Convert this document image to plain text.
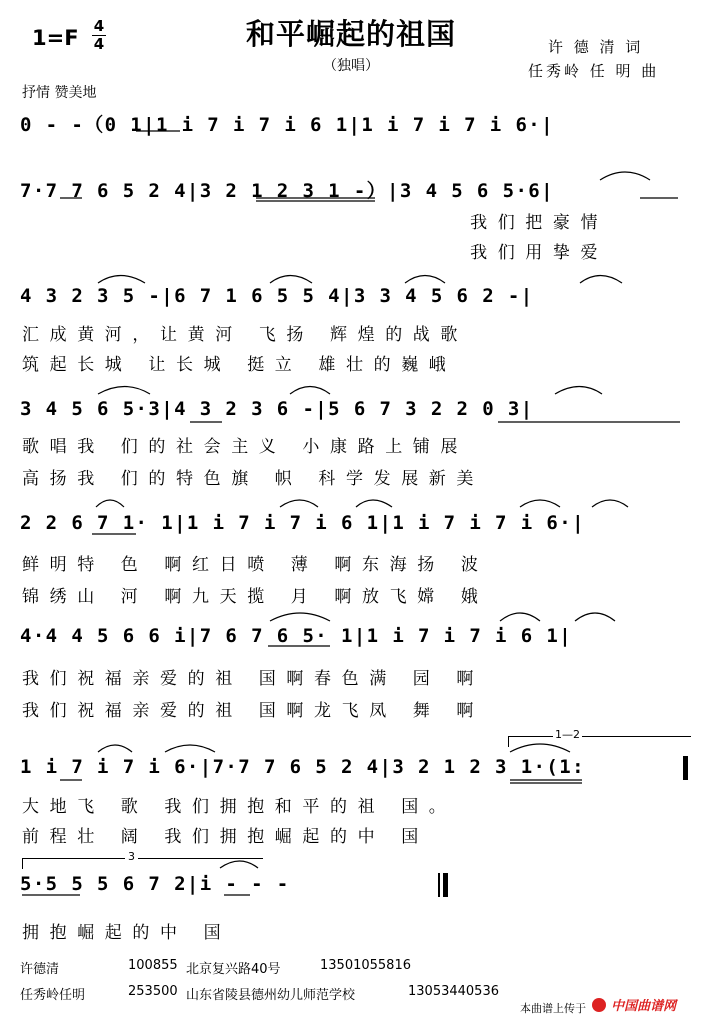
1=F 4
4	和平崛起的祖国
（独唱）
许 德 清 词
任秀岭 任 明 曲
抒情 赞美地
1—2
3
0 - -（0 1|1 i 7 i 7 i 6 1|1 i 7 i 7 i 6·|
7·7 7 6 5 2 4|3 2 1 2 3 1 -）|3 4 5 6 5·6|
我们把豪情
我们用挚爱
4 3 2 3 5 -|6 7 1 6 5 5 4|3 3 4 5 6 2 -|
汇成黄河，让黄河 飞扬 辉煌的战歌
筑起长城 让长城 挺立 雄壮的巍峨
3 4 5 6 5·3|4 3 2 3 6 -|5 6 7 3 2 2 0 3|
歌唱我 们的社会主义 小康路上铺展
高扬我 们的特色旗 帜 科学发展新美
2 2 6 7 1· 1|1 i 7 i 7 i 6 1|1 i 7 i 7 i 6·|
鲜明特 色 啊红日喷 薄 啊东海扬 波
锦绣山 河 啊九天揽 月 啊放飞嫦 娥
4·4 4 5 6 6 i|7 6 7 6 5· 1|1 i 7 i 7 i 6 1|
我们祝福亲爱的祖 国啊春色满 园 啊
我们祝福亲爱的祖 国啊龙飞凤 舞 啊
1 i 7 i 7 i 6·|7·7 7 6 5 2 4|3 2 1 2 3 1·(1:
大地飞 歌 我们拥抱和平的祖 国。
前程壮 阔 我们拥抱崛起的中 国
5·5 5 5 6 7 2|i - - -
拥抱崛起的中 国
许德清	100855 北京复兴路40号	13501055816
任秀岭任明	253500 山东省陵县德州幼儿师范学校	13053440536
本曲谱上传于	中国曲谱网
